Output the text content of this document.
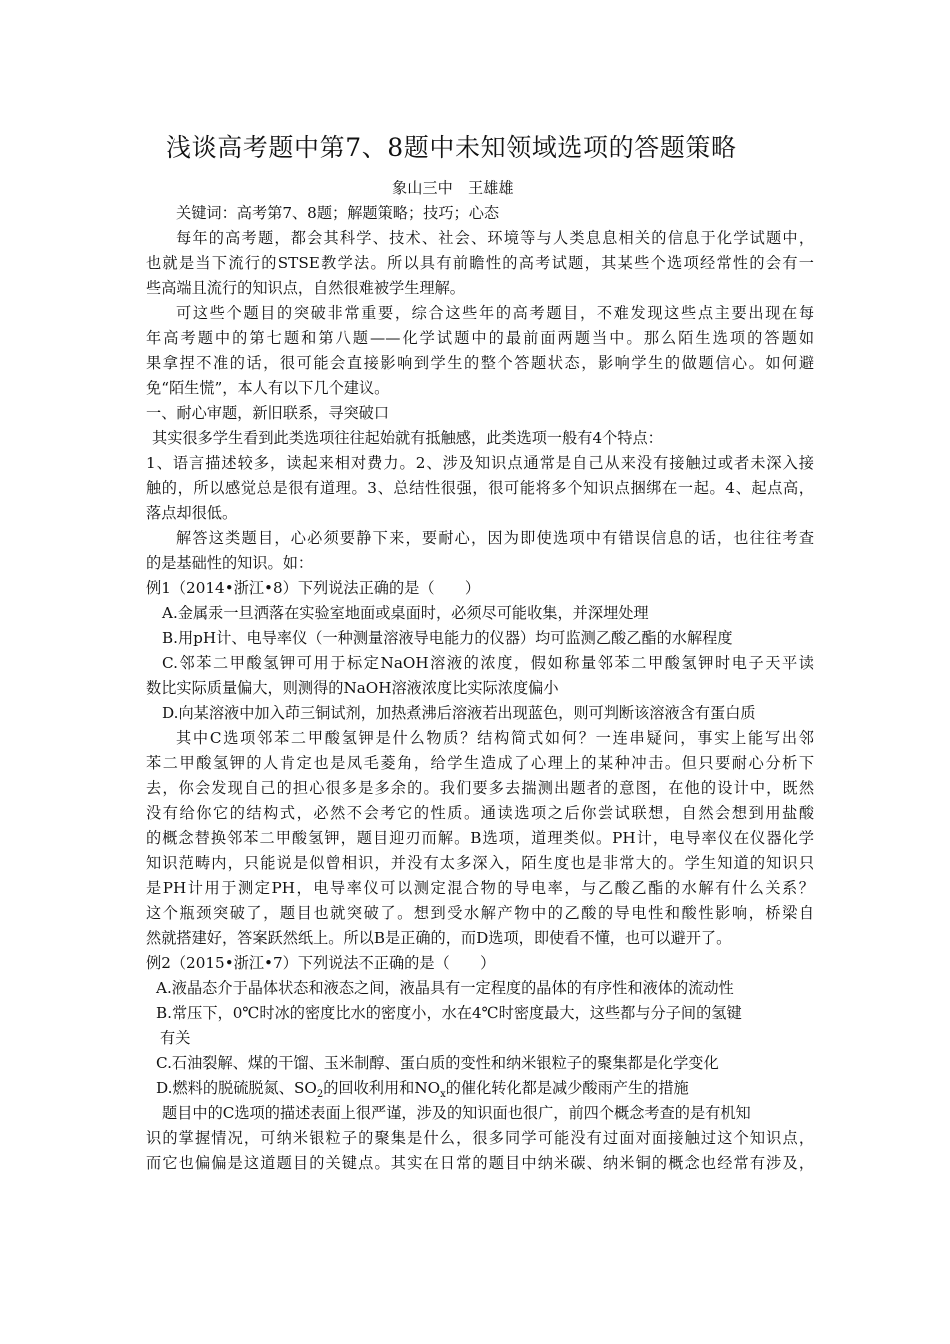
浅谈高考题中第7、8题中未知领域选项的答题策略
象山三中　王雄雄
关键词：高考第7、8题；解题策略；技巧；心态
每年的高考题，都会其科学、技术、社会、环境等与人类息息相关的信息于化学试题中，
也就是当下流行的STSE教学法。所以具有前瞻性的高考试题，其某些个选项经常性的会有一
些高端且流行的知识点，自然很难被学生理解。
可这些个题目的突破非常重要，综合这些年的高考题目，不难发现这些点主要出现在每
年高考题中的第七题和第八题——化学试题中的最前面两题当中。那么陌生选项的答题如
果拿捏不准的话，很可能会直接影响到学生的整个答题状态，影响学生的做题信心。如何避
免“陌生慌”，本人有以下几个建议。
一、耐心审题，新旧联系，寻突破口
其实很多学生看到此类选项往往起始就有抵触感，此类选项一般有4个特点：
1、语言描述较多，读起来相对费力。2、涉及知识点通常是自己从来没有接触过或者未深入接
触的，所以感觉总是很有道理。3、总结性很强，很可能将多个知识点捆绑在一起。4、起点高，
落点却很低。
解答这类题目，心必须要静下来，要耐心，因为即使选项中有错误信息的话，也往往考查
的是基础性的知识。如：
例1（2014•浙江•8）下列说法正确的是（　　）
A.金属汞一旦洒落在实验室地面或桌面时，必须尽可能收集，并深埋处理
B.用pH计、电导率仪（一种测量溶液导电能力的仪器）均可监测乙酸乙酯的水解程度
C.邻苯二甲酸氢钾可用于标定NaOH溶液的浓度，假如称量邻苯二甲酸氢钾时电子天平读
数比实际质量偏大，则测得的NaOH溶液浓度比实际浓度偏小
D.向某溶液中加入茚三铜试剂，加热煮沸后溶液若出现蓝色，则可判断该溶液含有蛋白质
其中C选项邻苯二甲酸氢钾是什么物质？结构简式如何？一连串疑问，事实上能写出邻
苯二甲酸氢钾的人肯定也是凤毛菱角，给学生造成了心理上的某种冲击。但只要耐心分析下
去，你会发现自己的担心很多是多余的。我们要多去揣测出题者的意图，在他的设计中，既然
没有给你它的结构式，必然不会考它的性质。通读选项之后你尝试联想，自然会想到用盐酸
的概念替换邻苯二甲酸氢钾，题目迎刃而解。B选项，道理类似。PH计，电导率仪在仪器化学
知识范畴内，只能说是似曾相识，并没有太多深入，陌生度也是非常大的。学生知道的知识只
是PH计用于测定PH，电导率仪可以测定混合物的导电率，与乙酸乙酯的水解有什么关系？
这个瓶颈突破了，题目也就突破了。想到受水解产物中的乙酸的导电性和酸性影响，桥梁自
然就搭建好，答案跃然纸上。所以B是正确的，而D选项，即使看不懂，也可以避开了。
例2（2015•浙江•7）下列说法不正确的是（　　）
A.液晶态介于晶体状态和液态之间，液晶具有一定程度的晶体的有序性和液体的流动性
B.常压下，0℃时冰的密度比水的密度小，水在4℃时密度最大，这些都与分子间的氢键
有关
C.石油裂解、煤的干馏、玉米制醇、蛋白质的变性和纳米银粒子的聚集都是化学变化
D.燃料的脱硫脱氮、$SO_2$的回收利用和$NO_x$的催化转化都是减少酸雨产生的措施
题目中的C选项的描述表面上很严谨，涉及的知识面也很广，前四个概念考查的是有机知
识的掌握情况，可纳米银粒子的聚集是什么，很多同学可能没有过面对面接触过这个知识点，
而它也偏偏是这道题目的关键点。其实在日常的题目中纳米碳、纳米铜的概念也经常有涉及，
